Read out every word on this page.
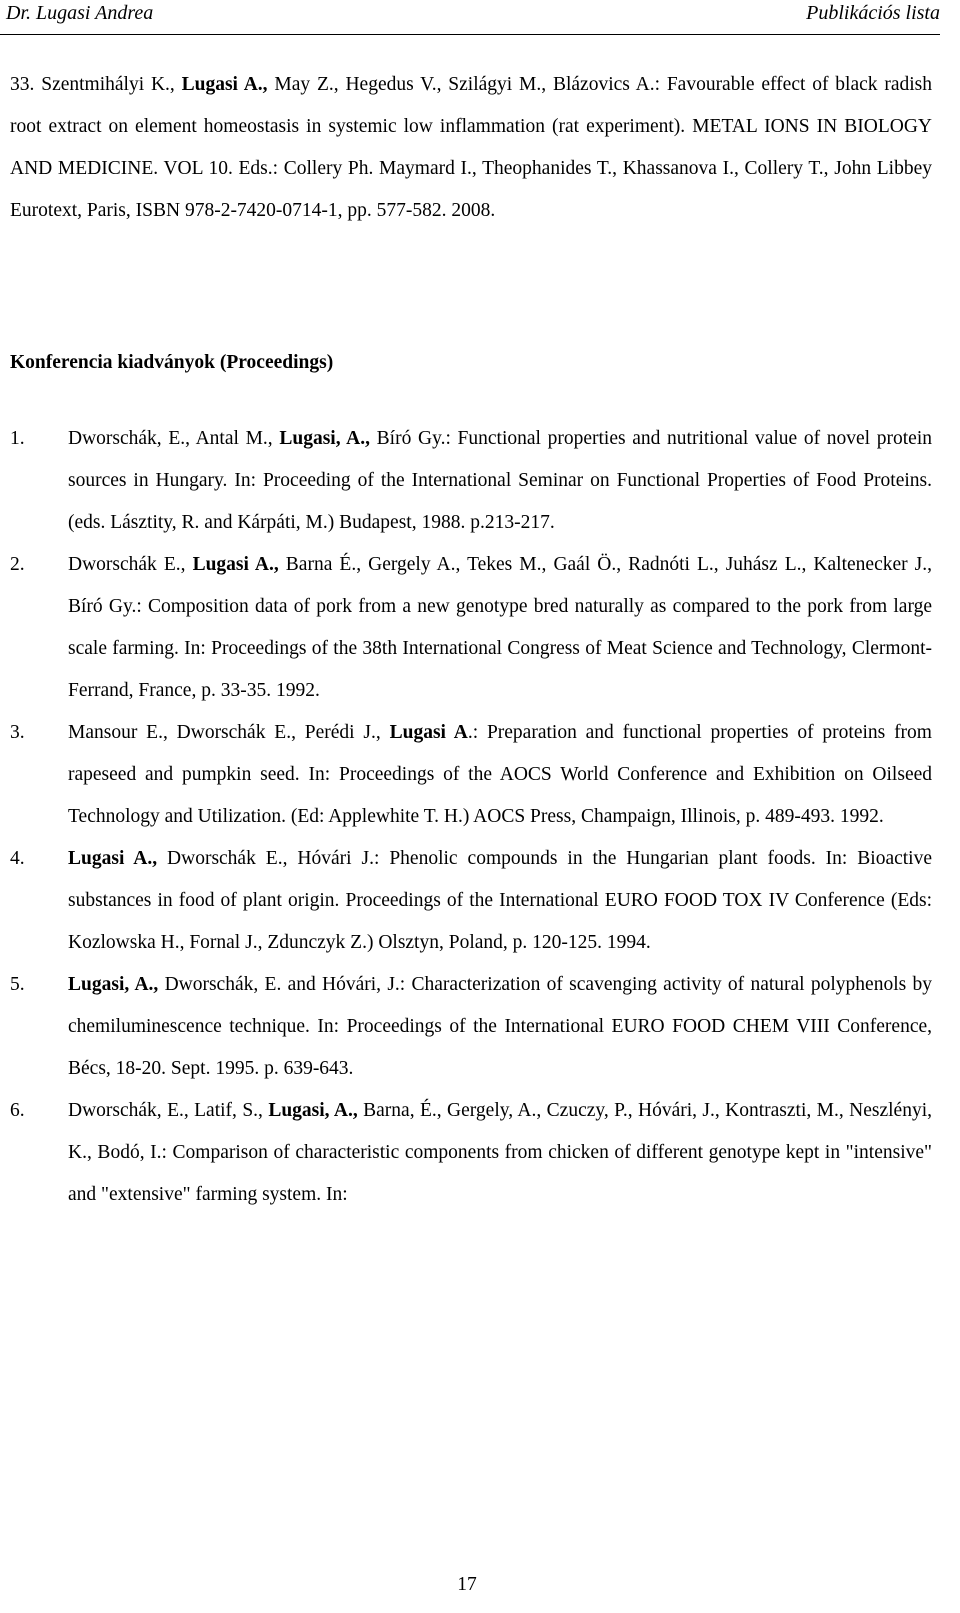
Dr. Lugasi Andrea	Publikációs lista

33. Szentmihályi K., Lugasi A., May Z., Hegedus V., Szilágyi M., Blázovics A.: Favourable effect of black radish root extract on element homeostasis in systemic low inflammation (rat experiment). METAL IONS IN BIOLOGY AND MEDICINE. VOL 10. Eds.: Collery Ph. Maymard I., Theophanides T., Khassanova I., Collery T., John Libbey Eurotext, Paris, ISBN 978-2-7420-0714-1, pp. 577-582. 2008.

Konferencia kiadványok (Proceedings)
1.	Dworschák, E., Antal M., Lugasi, A., Bíró Gy.: Functional properties and nutritional value of novel protein sources in Hungary. In: Proceeding of the International Seminar on Functional Properties of Food Proteins. (eds. Lásztity, R. and Kárpáti, M.) Budapest, 1988. p.213-217.
2.	Dworschák E., Lugasi A., Barna É., Gergely A., Tekes M., Gaál Ö., Radnóti L., Juhász L., Kaltenecker J., Bíró Gy.: Composition data of pork from a new genotype bred naturally as compared to the pork from large scale farming. In: Proceedings of the 38th International Congress of Meat Science and Technology, Clermont-Ferrand, France, p. 33-35. 1992.
3.	Mansour E., Dworschák E., Perédi J., Lugasi A.: Preparation and functional properties of proteins from rapeseed and pumpkin seed. In: Proceedings of the AOCS World Conference and Exhibition on Oilseed Technology and Utilization. (Ed: Applewhite T. H.) AOCS Press, Champaign, Illinois, p. 489-493. 1992.
4.	Lugasi A., Dworschák E., Hóvári J.: Phenolic compounds in the Hungarian plant foods. In: Bioactive substances in food of plant origin. Proceedings of the International EURO FOOD TOX IV Conference (Eds: Kozlowska H., Fornal J., Zdunczyk Z.) Olsztyn, Poland, p. 120-125. 1994.
5.	Lugasi, A., Dworschák, E. and Hóvári, J.: Characterization of scavenging activity of natural polyphenols by chemiluminescence technique. In: Proceedings of the International EURO FOOD CHEM VIII Conference, Bécs, 18-20. Sept. 1995. p. 639-643.
6.	Dworschák, E., Latif, S., Lugasi, A., Barna, É., Gergely, A., Czuczy, P., Hóvári, J., Kontraszti, M., Neszlényi, K., Bodó, I.: Comparison of characteristic components from chicken of different genotype kept in "intensive" and "extensive" farming system. In:
17
